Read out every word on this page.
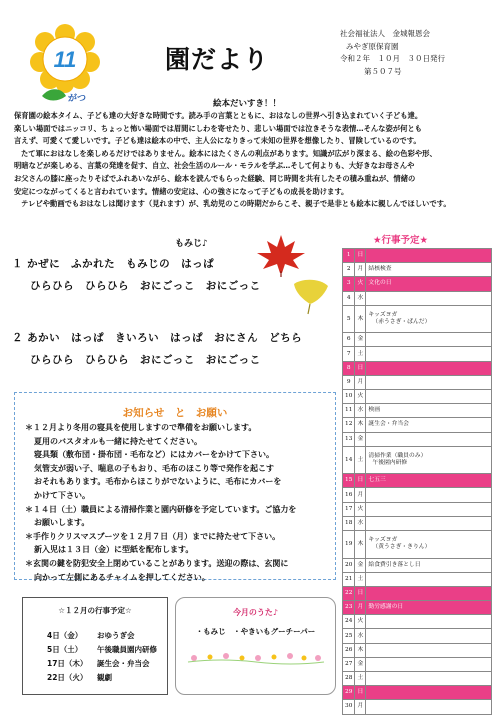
11
がつ
園だより
社会福祉法人　金城報恩会
みやぎ原保育園
令和２年　１０月　３０日発行
第５０７号
絵本だいすき！！

保育園の絵本タイム、子ども達の大好きな時間です。読み手の言葉とともに、おはなしの世界へ引き込まれていく子ども達。

楽しい場面ではニッコリ、ちょっと怖い場面では眉間にしわを寄せたり、悲しい場面では泣きそうな表情…そんな姿が何とも

言えず、可愛くて愛しいです。子ども達は絵本の中で、主人公になりきって未知の世界を想像したり、冒険しているのです。

たて軍におはなしを楽しめるだけではありません。絵本にはたくさんの利点があります。知識が広がり深まる、絵の色彩や形、

明暗などが楽しめる、言葉の発達を促す、自立、社会生活のルール・モラルを学ぶ…そして何よりも、大好きなお母さんや

お父さんの膝に座ったりそばでふれあいながら、絵本を読んでもらった経験、同じ時間を共有したその積み重ねが、情緒の

安定につながってくると言われています。情緒の安定は、心の強さになって子どもの成長を助けます。

テレビや動画でもおはなしは聞けます（見れます）が、乳幼児のこの時期だからこそ、親子で是非とも絵本に親しんでほしいです。

もみじ♪
１ かぜに　ふかれた　もみじの　はっぱ
ひらひら　ひらひら　おにごっこ　おにごっこ
２ あかい　はっぱ　きいろい　はっぱ　おにさん　どちら
ひらひら　ひらひら　おにごっこ　おにごっこ
お知らせ　と　お願い

＊１２月より冬用の寝具を使用しますので準備をお願いします。

夏用のバスタオルも一緒に持たせてください。

寝具類（敷布団・掛布団・毛布など）にはカバーをかけて下さい。

気管支が弱い子、喘息の子もおり、毛布のほこり等で発作を起こす

おそれもあります。毛布からほこりがでないように、毛布にカバーを

かけて下さい。

＊１４日（土）職員による清掃作業と園内研修を予定しています。ご協力を

お願いします。

＊手作りクリスマスブーツを１２月７日（月）までに持たせて下さい。

新入児は１３日（金）に型紙を配布します。

＊玄関の鍵を防犯安全上閉めていることがあります。送迎の際は、玄関に

向かって左側にあるチャイムを押してください。

☆１２月の行事予定☆
4日（金） おゆうぎ会
5日（土） 午後職員園内研修
17日（木） 誕生会・弁当会
22日（火） 観劇
今月のうた♪
・もみじ　・やきいもグーチーパー
★行事予定★
1	日	
2	月	結核検査

3	火	文化の日

4	水	
5	木	キッズヨガ
（赤うさぎ・ぱんだ）

6	金	
7	土	
8	日	
9	月	
10	火	
11	水	検画

12	木	誕生会・弁当会

13	金	
14	土	清掃作業（職員のみ）
午後園内研修

15	日	七五三

16	月	
17	火	
18	水	
19	木	キッズヨガ
（黄うさぎ・きりん）

20	金	給食費引き落とし日

21	土	
22	日	
23	月	勤労感謝の日

24	火	
25	水	
26	木	
27	金	
28	土	
29	日	
30	月	
